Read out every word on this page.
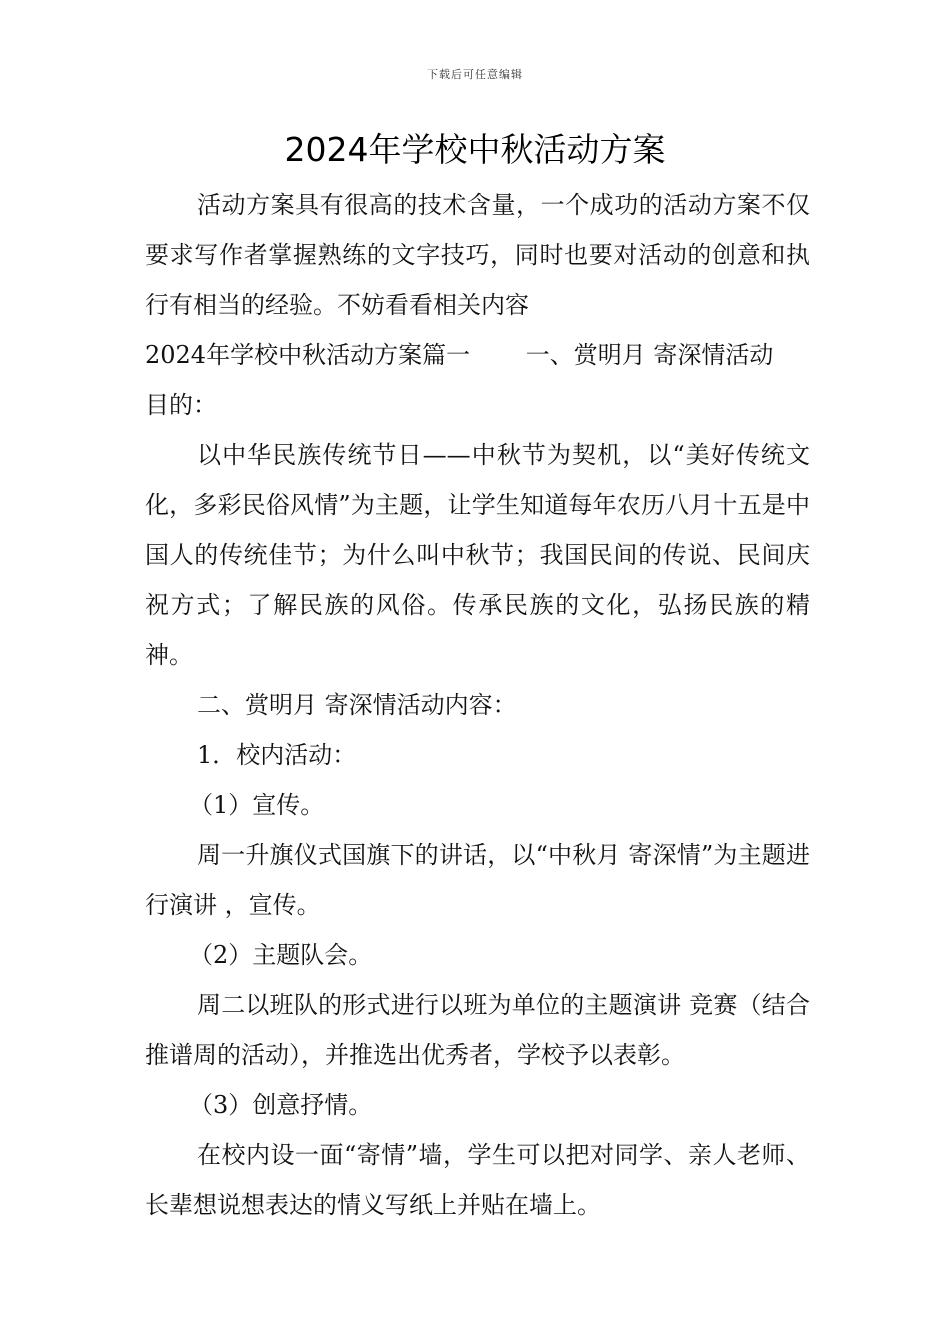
下载后可任意编辑
2024年学校中秋活动方案

活动方案具有很高的技术含量，一个成功的活动方案不仅要求写作者掌握熟练的文字技巧，同时也要对活动的创意和执行有相当的经验。不妨看看相关内容

2024年学校中秋活动方案篇一　　 一、赏明月 寄深情活动

目的：

以中华民族传统节日——中秋节为契机，以“美好传统文化，多彩民俗风情”为主题，让学生知道每年农历八月十五是中国人的传统佳节；为什么叫中秋节；我国民间的传说、民间庆祝方式；了解民族的风俗。传承民族的文化，弘扬民族的精神。

二、赏明月 寄深情活动内容：

1．校内活动：

（1）宣传。

周一升旗仪式国旗下的讲话，以“中秋月 寄深情”为主题进行演讲 ，宣传。

（2）主题队会。

周二以班队的形式进行以班为单位的主题演讲 竞赛（结合推谱周的活动），并推选出优秀者，学校予以表彰。

（3）创意抒情。

在校内设一面“寄情”墙，学生可以把对同学、亲人老师、长辈想说想表达的情义写纸上并贴在墙上。
